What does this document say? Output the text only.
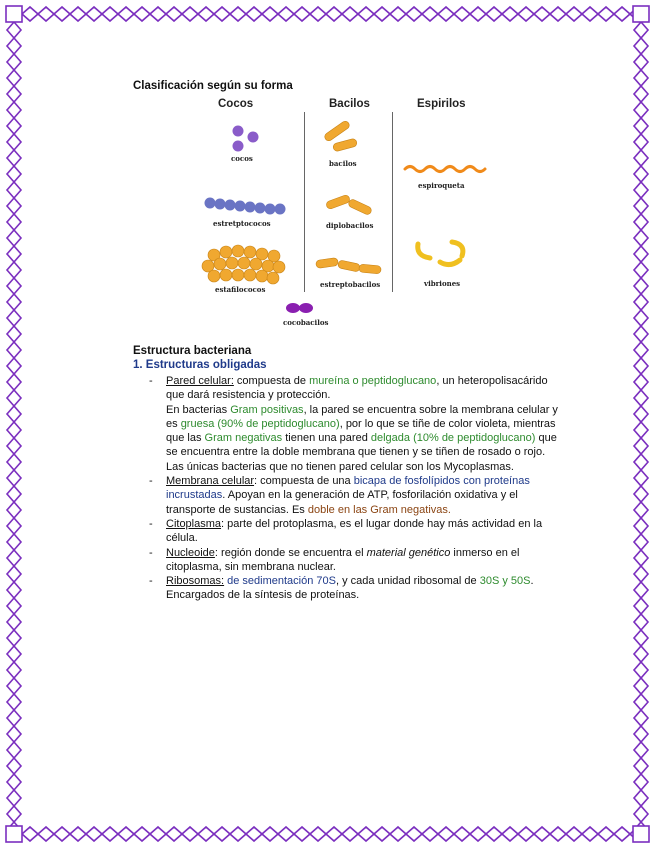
Clasificación según su forma
Cocos	Bacilos	Espirilos
cocos
estretptococos
estafilococos
bacilos
diplobacilos
estreptobacilos
espiroqueta
vibriones
cocobacilos
Estructura bacteriana
1. Estructuras obligadas
- Pared celular: compuesta de mureína o peptidoglucano, un heteropolisacárido que dará resistencia y protección.
En bacterias Gram positivas, la pared se encuentra sobre la membrana celular y es gruesa (90% de peptidoglucano), por lo que se tiñe de color violeta, mientras que las Gram negativas tienen una pared delgada (10% de peptidoglucano) que se encuentra entre la doble membrana que tienen y se tiñen de rosado o rojo.
Las únicas bacterias que no tienen pared celular son los Mycoplasmas.
- Membrana celular: compuesta de una bicapa de fosfolípidos con proteínas incrustadas. Apoyan en la generación de ATP, fosforilación oxidativa y el transporte de sustancias. Es doble en las Gram negativas.
- Citoplasma: parte del protoplasma, es el lugar donde hay más actividad en la célula.
- Nucleoide: región donde se encuentra el material genético inmerso en el citoplasma, sin membrana nuclear.
- Ribosomas: de sedimentación 70S, y cada unidad ribosomal de 30S y 50S. Encargados de la síntesis de proteínas.
